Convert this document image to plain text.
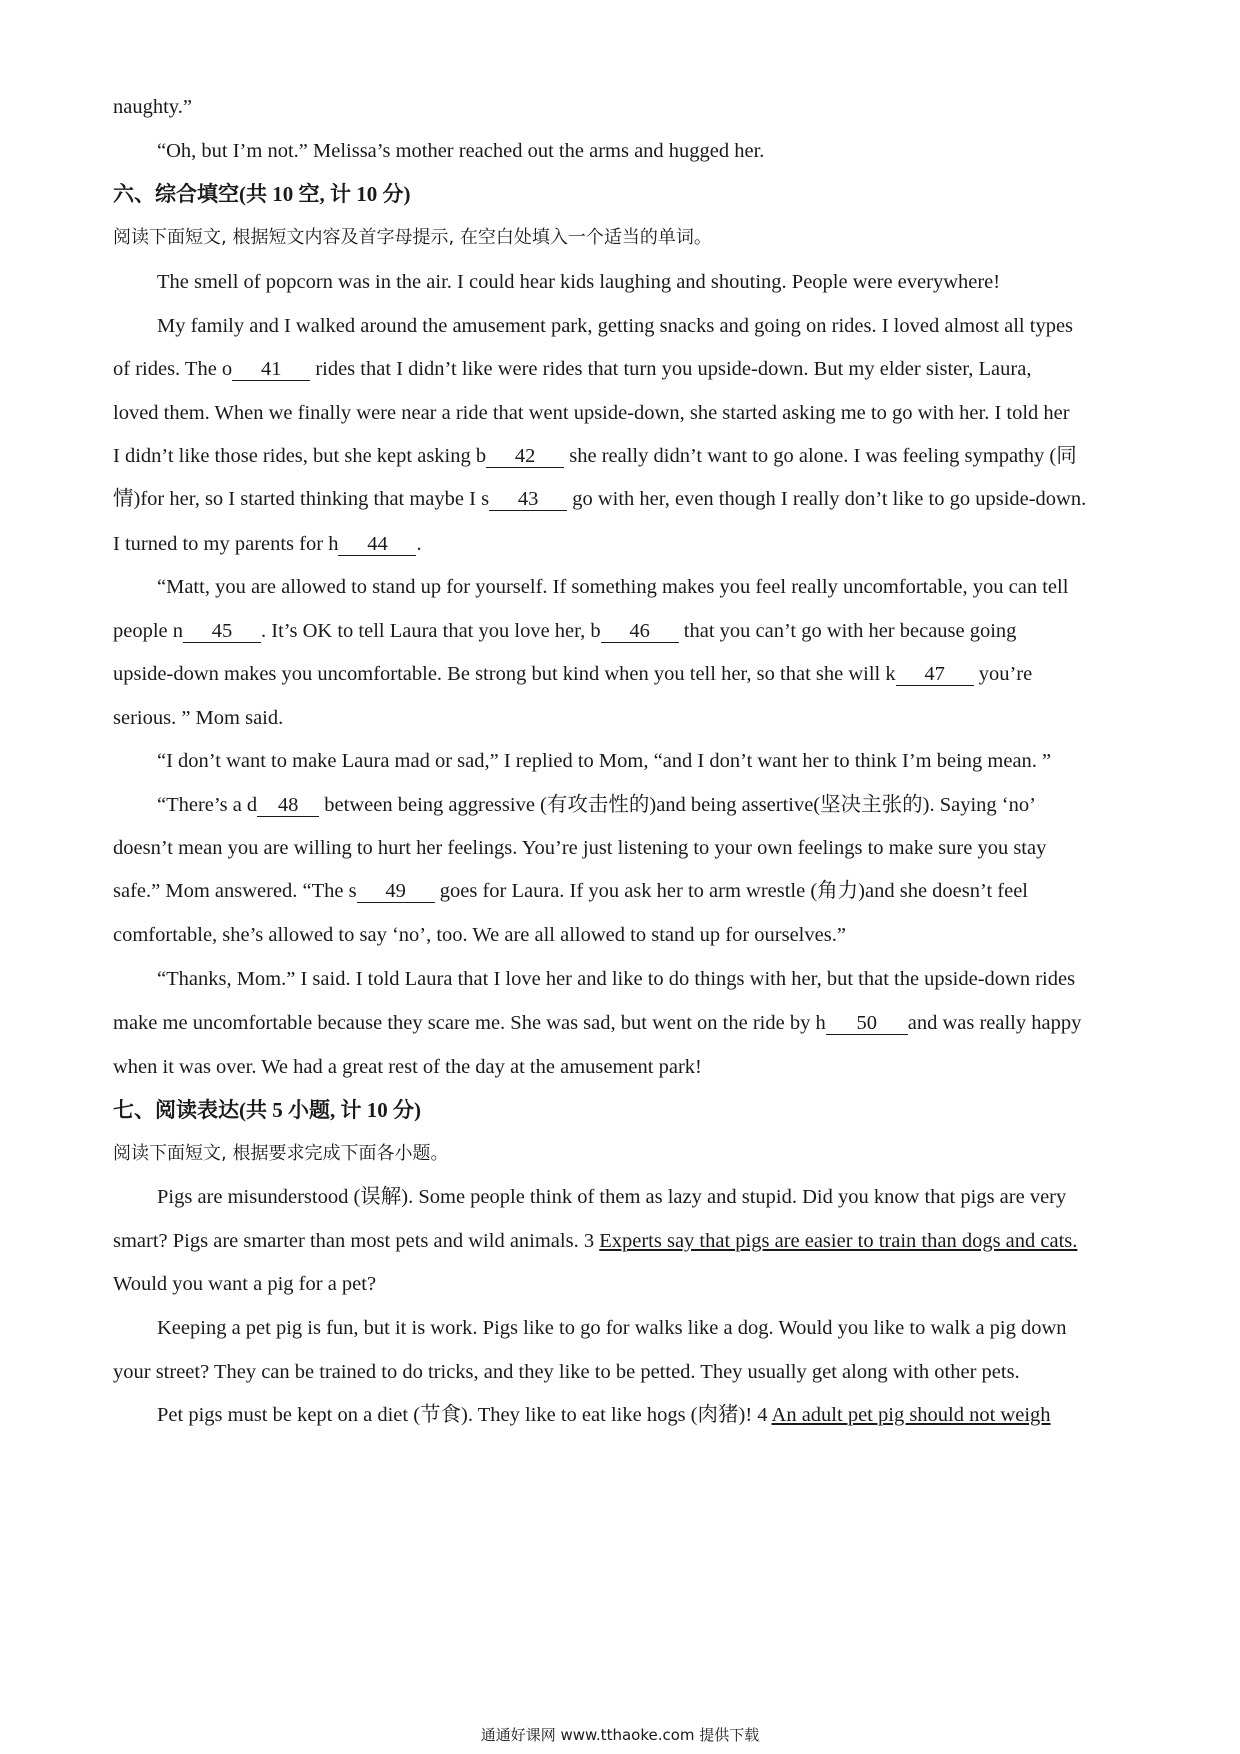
naughty.”
“Oh, but I’m not.” Melissa’s mother reached out the arms and hugged her.
六、综合填空(共 10 空, 计 10 分)
阅读下面短文, 根据短文内容及首字母提示, 在空白处填入一个适当的单词。
The smell of popcorn was in the air. I could hear kids laughing and shouting. People were everywhere!
My family and I walked around the amusement park, getting snacks and going on rides. I loved almost all types
of rides. The o 41 rides that I didn’t like were rides that turn you upside-down. But my elder sister, Laura,
loved them. When we finally were near a ride that went upside-down, she started asking me to go with her. I told her
I didn’t like those rides, but she kept asking b 42 she really didn’t want to go alone. I was feeling sympathy (同
情)for her, so I started thinking that maybe I s 43 go with her, even though I really don’t like to go upside-down.
I turned to my parents for h 44 .
“Matt, you are allowed to stand up for yourself. If something makes you feel really uncomfortable, you can tell
people n 45 . It’s OK to tell Laura that you love her, b 46 that you can’t go with her because going
upside-down makes you uncomfortable. Be strong but kind when you tell her, so that she will k 47 you’re
serious. ” Mom said.
“I don’t want to make Laura mad or sad,” I replied to Mom, “and I don’t want her to think I’m being mean. ”
“There’s a d 48 between being aggressive (有攻击性的)and being assertive(坚决主张的). Saying ‘no’
doesn’t mean you are willing to hurt her feelings. You’re just listening to your own feelings to make sure you stay
safe.” Mom answered. “The s 49 goes for Laura. If you ask her to arm wrestle (角力)and she doesn’t feel
comfortable, she’s allowed to say ‘no’, too. We are all allowed to stand up for ourselves.”
“Thanks, Mom.” I said. I told Laura that I love her and like to do things with her, but that the upside-down rides
make me uncomfortable because they scare me. She was sad, but went on the ride by h 50 and was really happy
when it was over. We had a great rest of the day at the amusement park!
七、阅读表达(共 5 小题, 计 10 分)
阅读下面短文, 根据要求完成下面各小题。
Pigs are misunderstood (误解). Some people think of them as lazy and stupid. Did you know that pigs are very
smart? Pigs are smarter than most pets and wild animals. 3 Experts say that pigs are easier to train than dogs and cats.
Would you want a pig for a pet?
Keeping a pet pig is fun, but it is work. Pigs like to go for walks like a dog. Would you like to walk a pig down
your street? They can be trained to do tricks, and they like to be petted. They usually get along with other pets.
Pet pigs must be kept on a diet (节食). They like to eat like hogs (肉猪)! 4 An adult pet pig should not weigh
通通好课网 www.tthaoke.com 提供下载
